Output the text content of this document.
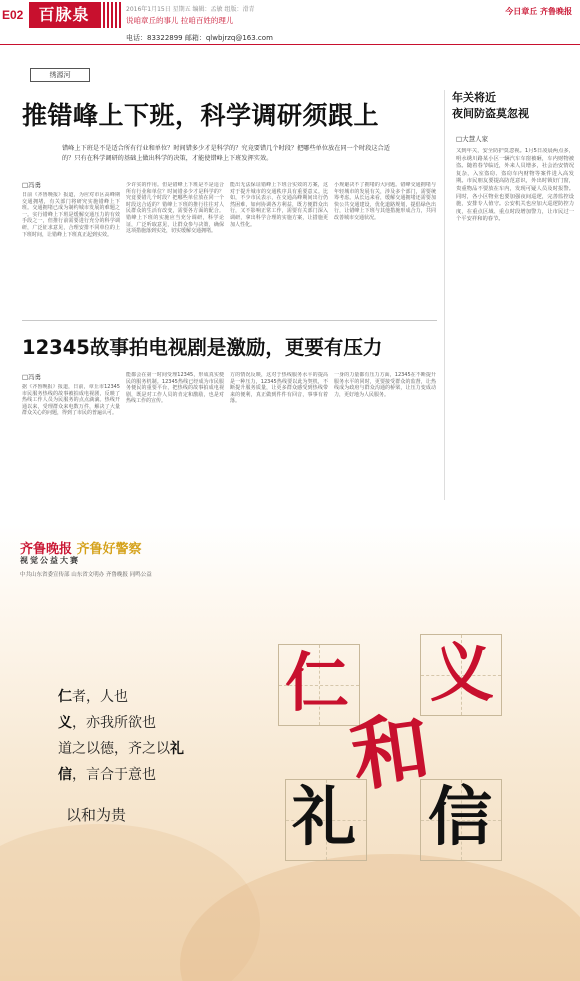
E02 百脉泉	2016年1月15日 星期五 编辑：孟敏 组版：滑青
说咱章丘的事儿 拉咱百姓的理儿
电话：83322899 邮箱：qlwbjrzq@163.com
今日章丘 齐鲁晚报
绣源河
推错峰上下班，科学调研须跟上
错峰上下班是不是适合所有行业和单位？时间错多少才是科学的？究竟要错几个时段？把哪些单位放在同一个时段这合适的？只有在科学调研的基础上做出科学的决策，才能使错峰上下班发挥实效。
□冯勇
日前《齐鲁晚报》报道，为应对市区高峰期交通拥堵，有关部门将研究实施错峰上下班。交通拥堵已成为制约城市发展的难题之一。实行错峰上下班是缓解交通压力的有效手段之一，但推行前需要进行充分的科学调研，广泛征求意见，合理安排不同单位的上下班时间，让错峰上下班真正起到实效。
少许实的作用。但是错峰上下班是不是适合所有行业和单位？时间错多少才是科学的？究竟要错几个时段？把哪些单位放在同一个时段这合适的？错峰上下班的推行往往对人民群众的生活有改变，需要各方面的配合。错峰上下班的实施应当充分调研，科学论证，广泛听取意见，让群众参与决策，确保这项措施落到实处，切实缓解交通拥堵。
能出无法保证错峰上下班合实效的方案，这对于提升城市的交通秩序具有重要意义。比如，不少市民表示，在交通高峰期间出行仍然困难，如何协调各方利益，既方便群众出行，又不影响正常工作，需要有关部门深入调研，拿出科学合理的实施方案，让措施更加人性化。
小规避决不了拥堵的大问题。错峰交通拥堵与年轻城市的发展有关，涉及多个部门，需要统筹考虑。从长远来看，缓解交通拥堵还需要加快公共交通建设，优化道路规划，提倡绿色出行，让错峰上下班与其他措施形成合力，共同改善城市交通状况。
12345故事拍电视剧是激励，更要有压力
□冯勇
据《齐鲁晚报》报道，日前，章丘市12345市民服务热线的故事被拍成电视剧，反映了热线工作人员为民服务的点点滴滴。热线开通以来，受理群众来电数万件，解决了大量群众关心的问题，得到了市民的普遍认可。
能都会在第一时间受理12345，形成真实便民的服务机制。12345热线已经成为市民服务便民的重要平台，把热线的故事拍成电视剧，既是对工作人员的肯定和激励，也是对热线工作的宣传。
方的情况反映，这对于热线服务水平的提高是一种压力，12345热线要以此为契机，不断提升服务质量，让更多群众感受到热线带来的便利，真正做到件件有回音，事事有着落。
一身的力量都有压力方面，12345在不断提升服务水平的同时，更要接受群众的监督，让热线成为政府与群众沟通的桥梁，让压力变成动力，更好地为人民服务。
年关将近
夜间防盗莫忽视
□大慧人家
又到年关，安全防护莫忽视。1月5日凌晨两点多，明水绣川路某小区一辆汽车车窗被砸，车内财物被盗。随着春节临近，外来人员增多，社会治安情况复杂，入室盗窃、盗窃车内财物等案件进入高发期。市民朋友要提高防范意识，外出时锁好门窗，贵重物品不要放在车内，发现可疑人员及时报警。同时，各小区物业也要加强夜间巡逻，完善监控设施，安排专人值守。公安机关也应加大巡逻防控力度，在重点区域、重点时段增加警力，让市民过一个平安祥和的春节。
齐鲁晚报 齐鲁好警察
视觉公益大赛
中共山东省委宣传部 山东省文明办 齐鲁晚报 同鸣公益
仁者，人也
义，亦我所欲也
道之以德，齐之以礼
信，言合于意也
以和为贵
仁 义
和
礼 信
